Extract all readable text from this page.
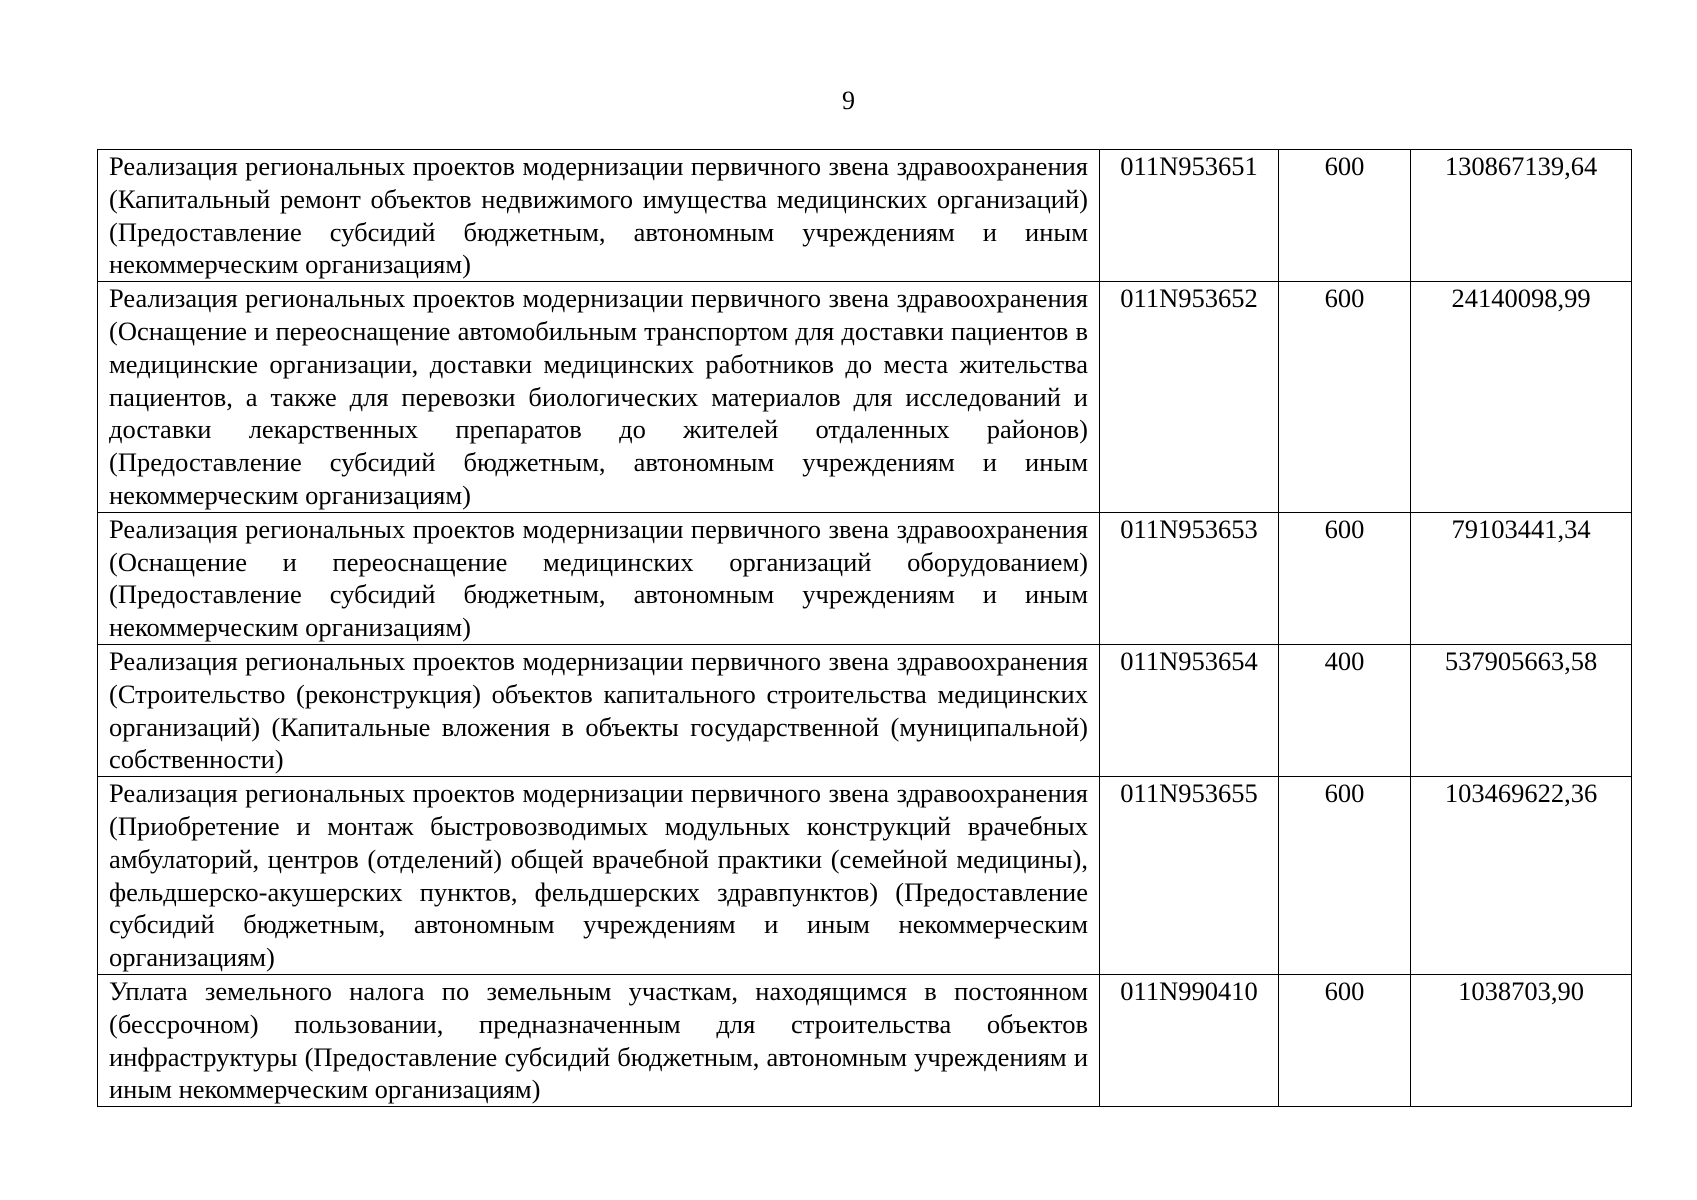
9
Реализация региональных проектов модернизации первичного звена здравоохранения (Капитальный ремонт объектов недвижимого имущества медицинских организаций) (Предоставление субсидий бюджетным, автономным учреждениям и иным некоммерческим организациям)	011N953651	600	130867139,64
Реализация региональных проектов модернизации первичного звена здравоохранения (Оснащение и переоснащение автомобильным транспортом для доставки пациентов в медицинские организации, доставки медицинских работников до места жительства пациентов, а также для перевозки биологических материалов для исследований и доставки лекарственных препаратов до жителей отдаленных районов) (Предоставление субсидий бюджетным, автономным учреждениям и иным некоммерческим организациям)	011N953652	600	24140098,99
Реализация региональных проектов модернизации первичного звена здравоохранения (Оснащение и переоснащение медицинских организаций оборудованием) (Предоставление субсидий бюджетным, автономным учреждениям и иным некоммерческим организациям)	011N953653	600	79103441,34
Реализация региональных проектов модернизации первичного звена здравоохранения (Строительство (реконструкция) объектов капитального строительства медицинских организаций) (Капитальные вложения в объекты государственной (муниципальной) собственности)	011N953654	400	537905663,58
Реализация региональных проектов модернизации первичного звена здравоохранения (Приобретение и монтаж быстровозводимых модульных конструкций врачебных амбулаторий, центров (отделений) общей врачебной практики (семейной медицины), фельдшерско-акушерских пунктов, фельдшерских здравпунктов) (Предоставление субсидий бюджетным, автономным учреждениям и иным некоммерческим организациям)	011N953655	600	103469622,36
Уплата земельного налога по земельным участкам, находящимся в постоянном (бессрочном) пользовании, предназначенным для строительства объектов инфраструктуры (Предоставление субсидий бюджетным, автономным учреждениям и иным некоммерческим организациям)	011N990410	600	1038703,90
